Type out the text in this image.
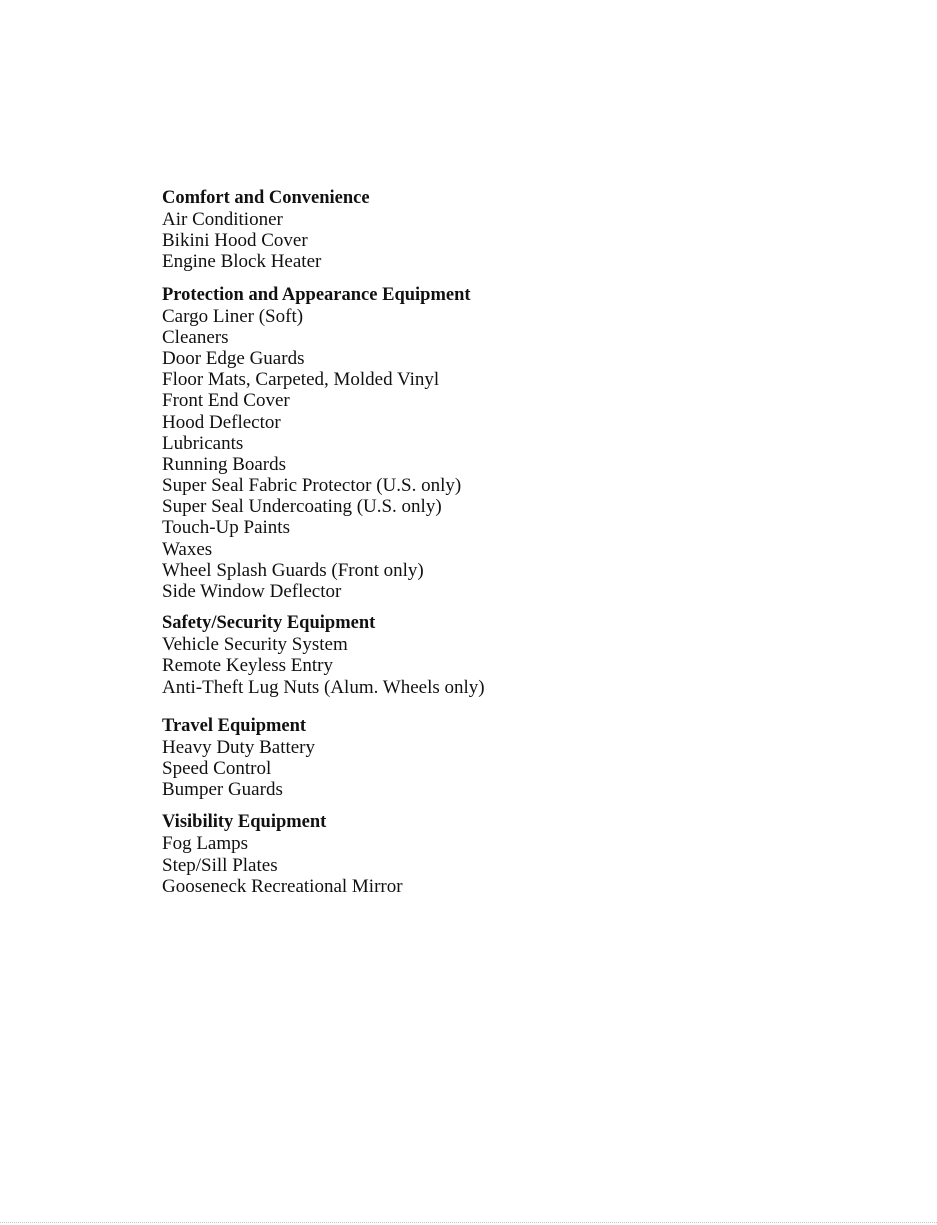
Comfort and Convenience
Air Conditioner
Bikini Hood Cover
Engine Block Heater
Protection and Appearance Equipment
Cargo Liner (Soft)
Cleaners
Door Edge Guards
Floor Mats, Carpeted, Molded Vinyl
Front End Cover
Hood Deflector
Lubricants
Running Boards
Super Seal Fabric Protector (U.S. only)
Super Seal Undercoating (U.S. only)
Touch-Up Paints
Waxes
Wheel Splash Guards (Front only)
Side Window Deflector
Safety/Security Equipment
Vehicle Security System
Remote Keyless Entry
Anti-Theft Lug Nuts (Alum. Wheels only)
Travel Equipment
Heavy Duty Battery
Speed Control
Bumper Guards
Visibility Equipment
Fog Lamps
Step/Sill Plates
Gooseneck Recreational Mirror
